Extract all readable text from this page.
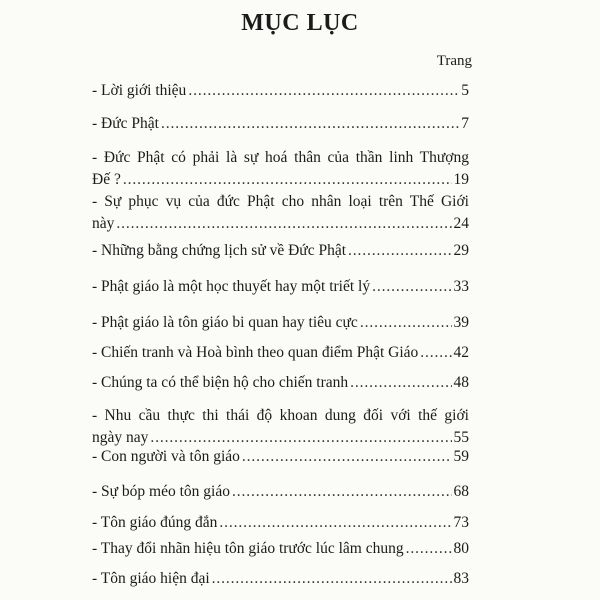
MỤC LỤC
Trang
- Lời giới thiệu . . .	5
- Đức Phật . . .	7
- Đức Phật có phải là sự hoá thân của thần linh Thượng
Đế ? . . .	19
- Sự phục vụ của đức Phật cho nhân loại trên Thế Giới
này . . .	24
- Những bằng chứng lịch sử về Đức Phật . . .	29
- Phật giáo là một học thuyết hay một triết lý . . .	33
- Phật giáo là tôn giáo bi quan hay tiêu cực . . .	39
- Chiến tranh và Hoà bình theo quan điểm Phật Giáo . . . 42
- Chúng ta có thể biện hộ cho chiến tranh . . .	48
- Nhu cầu thực thi thái độ khoan dung đối với thế giới
ngày nay . . .	55
- Con người và tôn giáo . . .	59
- Sự bóp méo tôn giáo . . .	68
- Tôn giáo đúng đắn . . .	73
- Thay đổi nhãn hiệu tôn giáo trước lúc lâm chung . . .	80
- Tôn giáo hiện đại . . .	83
